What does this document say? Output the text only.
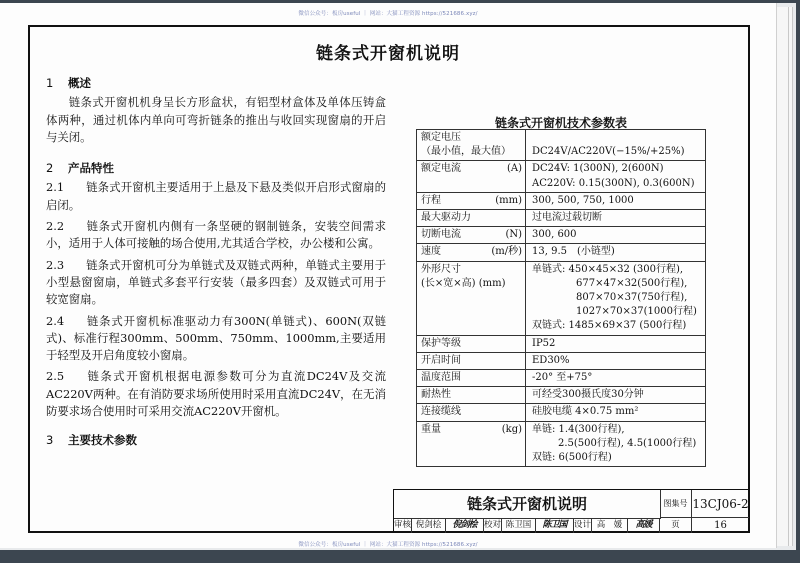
微信公众号：板房useful ｜ 网站：大猫工程资源 https://521686.xyz/
链条式开窗机说明
1 概述
链条式开窗机机身呈长方形盒状，有铝型材盒体及单体压铸盒体两种，通过机体内单向可弯折链条的推出与收回实现窗扇的开启与关闭。
2 产品特性
2.1 链条式开窗机主要适用于上悬及下悬及类似开启形式窗扇的启闭。
2.2 链条式开窗机内侧有一条坚硬的钢制链条，安装空间需求小，适用于人体可接触的场合使用,尤其适合学校，办公楼和公寓。
2.3 链条式开窗机可分为单链式及双链式两种，单链式主要用于小型悬窗窗扇，单链式多套平行安装（最多四套）及双链式可用于较宽窗扇。
2.4 链条式开窗机标准驱动力有300N(单链式)、600N(双链式)、标准行程300mm、500mm、750mm、1000mm,主要适用于轻型及开启角度较小窗扇。
2.5 链条式开窗机根据电源参数可分为直流DC24V及交流AC220V两种。在有消防要求场所使用时采用直流DC24V，在无消防要求场合使用时可采用交流AC220V开窗机。
3 主要技术参数
链条式开窗机技术参数表
额定电压
（最小值，最大值）	DC24V/AC220V(−15%/+25%)
额定电流 (A)	DC24V: 1(300N), 2(600N)
AC220V: 0.15(300N), 0.3(600N)
行程 (mm)	300, 500, 750, 1000
最大驱动力	过电流过载切断
切断电流 (N)	300, 600
速度 (m/秒)	13, 9.5　(小链型)
外形尺寸
(长×宽×高) (mm)	单链式: 450×45×32 (300行程),
677×47×32(500行程),
807×70×37(750行程),
1027×70×37(1000行程)
双链式: 1485×69×37 (500行程)

保护等级	IP52
开启时间	ED30%
温度范围	-20° 至+75°
耐热性	可经受300摄氏度30分钟
连接缆线	硅胶电缆 4×0.75 mm²
重量 (kg)	单链: 1.4(300行程),
2.5(500行程), 4.5(1000行程)
双链: 6(500行程)
链条式开窗机说明	图集号 13CJ06-2
审核 倪剑桧	倪剑桧 校对 陈卫国	陈卫国 设计 高　媛	高媛	页	16
微信公众号：板房useful ｜ 网站：大猫工程资源 https://521686.xyz/
